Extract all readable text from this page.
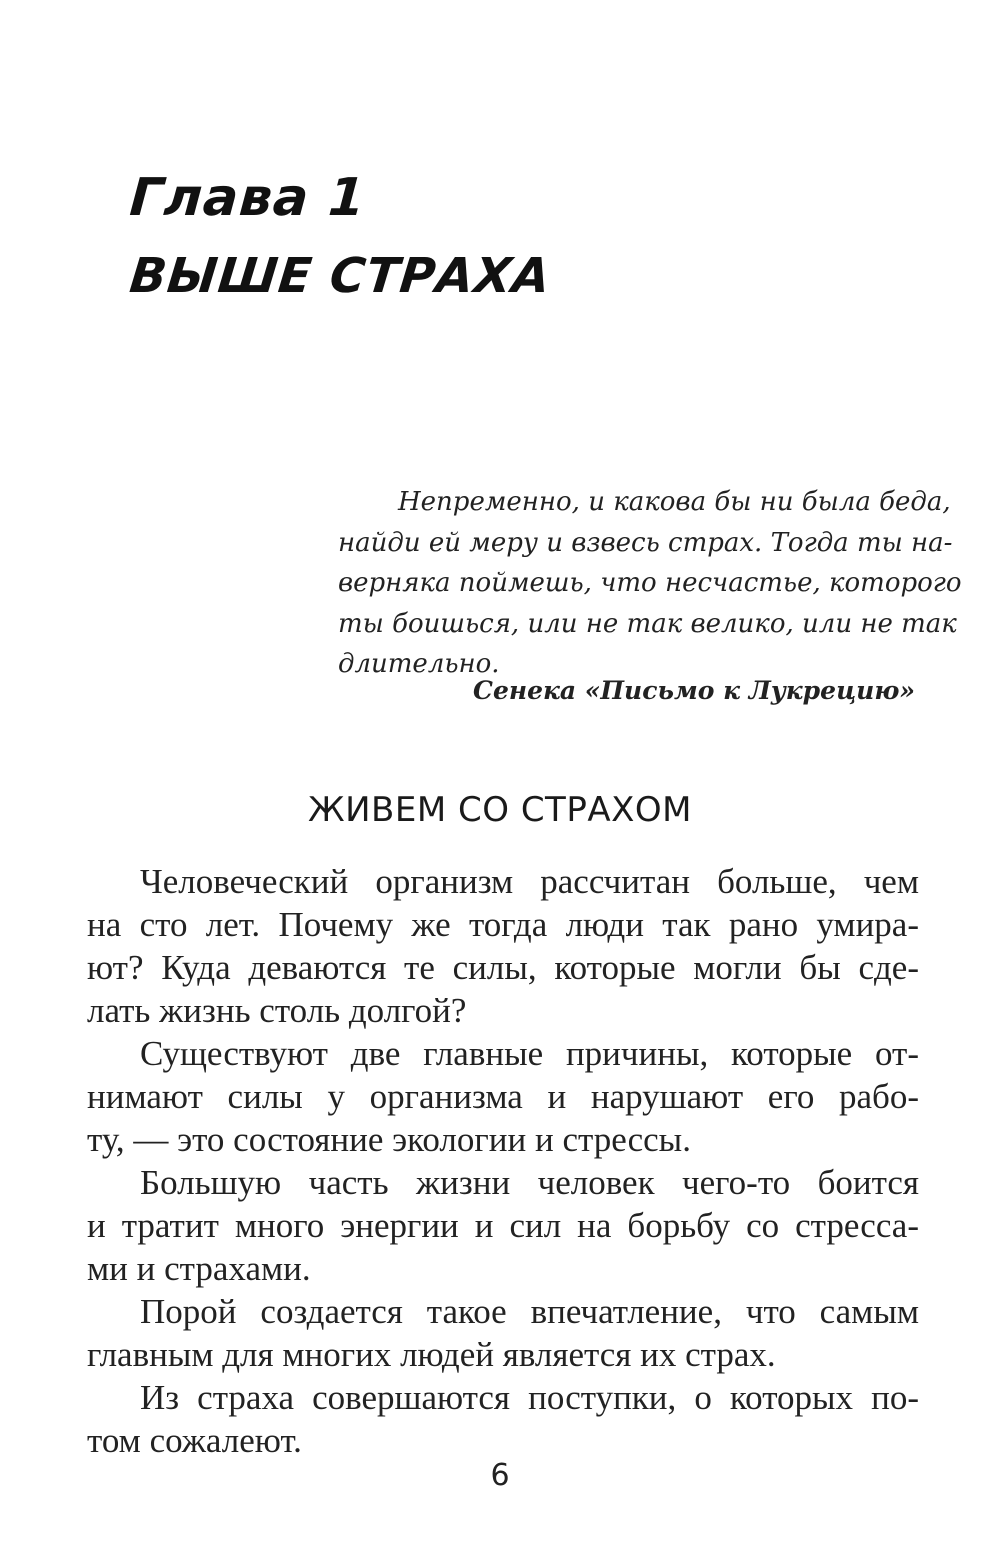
Глава 1
ВЫШЕ СТРАХА
Непременно, и какова бы ни была беда,
найди ей меру и взвесь страх. Тогда ты на-
верняка поймешь, что несчастье, которого
ты боишься, или не так велико, или не так
длительно.
Сенека «Письмо к Лукрецию»
ЖИВЕМ СО СТРАХОМ
Человеческий организм рассчитан больше, чем
на сто лет. Почему же тогда люди так рано умира-
ют? Куда деваются те силы, которые могли бы сде-
лать жизнь столь долгой?
Существуют две главные причины, которые от-
нимают силы у организма и нарушают его рабо-
ту, — это состояние экологии и стрессы.
Большую часть жизни человек чего-то боится
и тратит много энергии и сил на борьбу со стресса-
ми и страхами.
Порой создается такое впечатление, что самым
главным для многих людей является их страх.
Из страха совершаются поступки, о которых по-
том сожалеют.
6
